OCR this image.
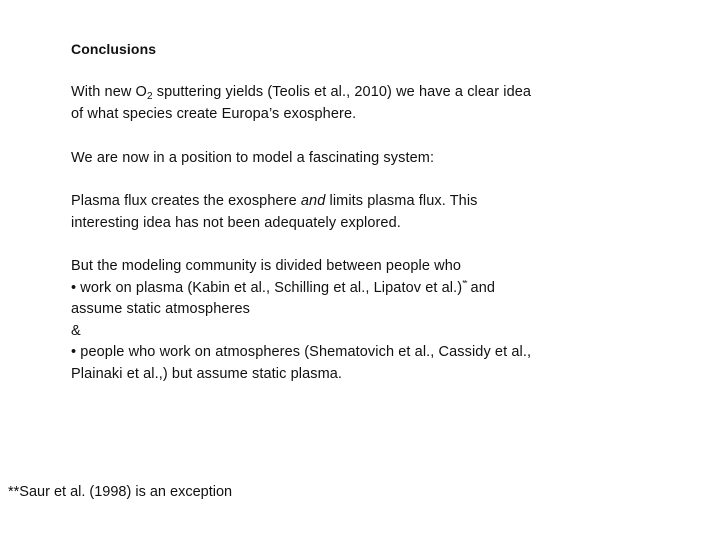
Conclusions
With new $O_2$ sputtering yields (Teolis et al., 2010) we have a clear idea
of what species create Europa’s exosphere.
We are now in a position to model a fascinating system:
Plasma flux creates the exosphere and limits plasma flux. This
interesting idea has not been adequately explored.
But the modeling community is divided between people who
• work on plasma (Kabin et al., Schilling et al., Lipatov et al.)** and
assume static atmospheres
&
• people who work on atmospheres (Shematovich et al., Cassidy et al.,
Plainaki et al.,) but assume static plasma.
**Saur et al. (1998) is an exception
